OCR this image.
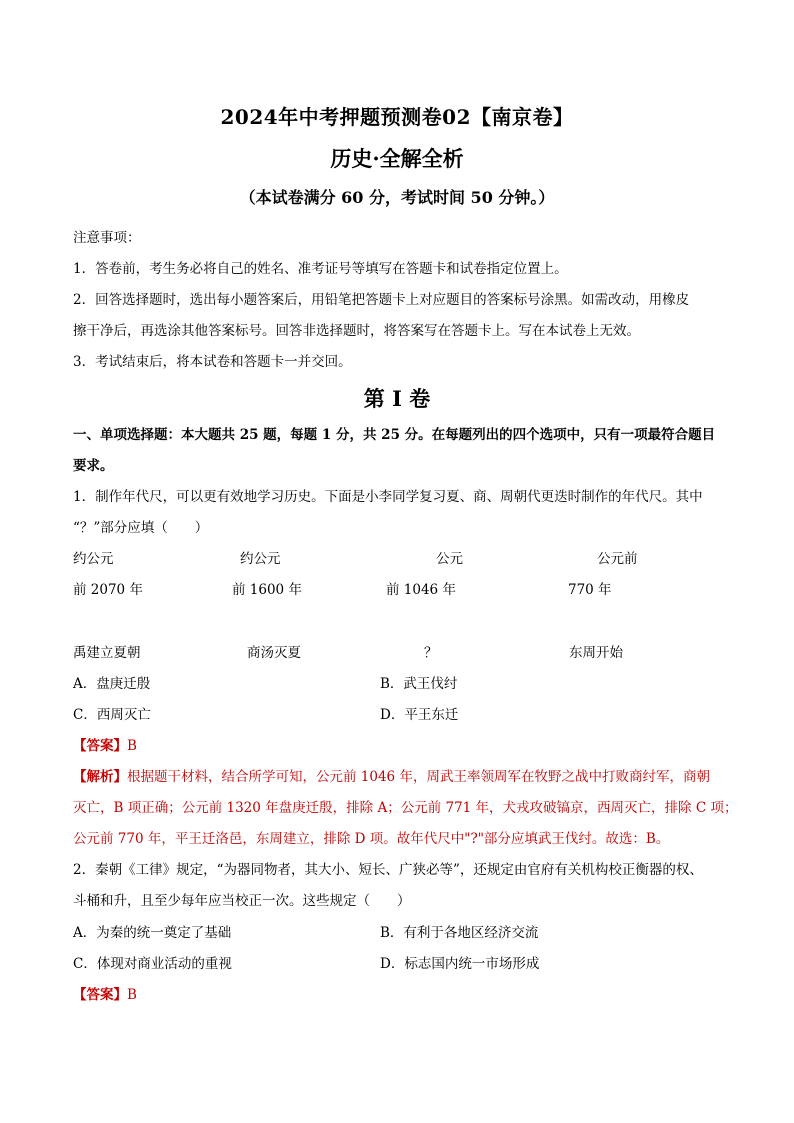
2024年中考押题预测卷02【南京卷】
历史·全解全析
（本试卷满分 60 分，考试时间 50 分钟。）
注意事项：
1．答卷前，考生务必将自己的姓名、准考证号等填写在答题卡和试卷指定位置上。
2．回答选择题时，选出每小题答案后，用铅笔把答题卡上对应题目的答案标号涂黑。如需改动，用橡皮
擦干净后，再选涂其他答案标号。回答非选择题时，将答案写在答题卡上。写在本试卷上无效。
3．考试结束后，将本试卷和答题卡一并交回。
第 I 卷
一、单项选择题：本大题共 25 题，每题 1 分，共 25 分。在每题列出的四个选项中，只有一项最符合题目
要求。
1．制作年代尺，可以更有效地学习历史。下面是小李同学复习夏、商、周朝代更迭时制作的年代尺。其中
“？”部分应填（　　）
约公元	约公元	公元	公元前
前 2070 年	前 1600 年	前 1046 年	770 年
禹建立夏朝	商汤灭夏	？	东周开始
A．盘庚迁殷	B．武王伐纣
C．西周灭亡	D．平王东迁
【答案】B
【解析】根据题干材料，结合所学可知，公元前 1046 年，周武王率领周军在牧野之战中打败商纣军，商朝
灭亡，B 项正确；公元前 1320 年盘庚迁殷，排除 A；公元前 771 年，犬戎攻破镐京，西周灭亡，排除 C 项；
公元前 770 年，平王迁洛邑，东周建立，排除 D 项。故年代尺中"?"部分应填武王伐纣。故选：B。
2．秦朝《工律》规定，“为器同物者，其大小、短长、广狭必等”，还规定由官府有关机构校正衡器的权、
斗桶和升，且至少每年应当校正一次。这些规定（　　）
A．为秦的统一奠定了基础	B．有利于各地区经济交流
C．体现对商业活动的重视	D．标志国内统一市场形成
【答案】B
